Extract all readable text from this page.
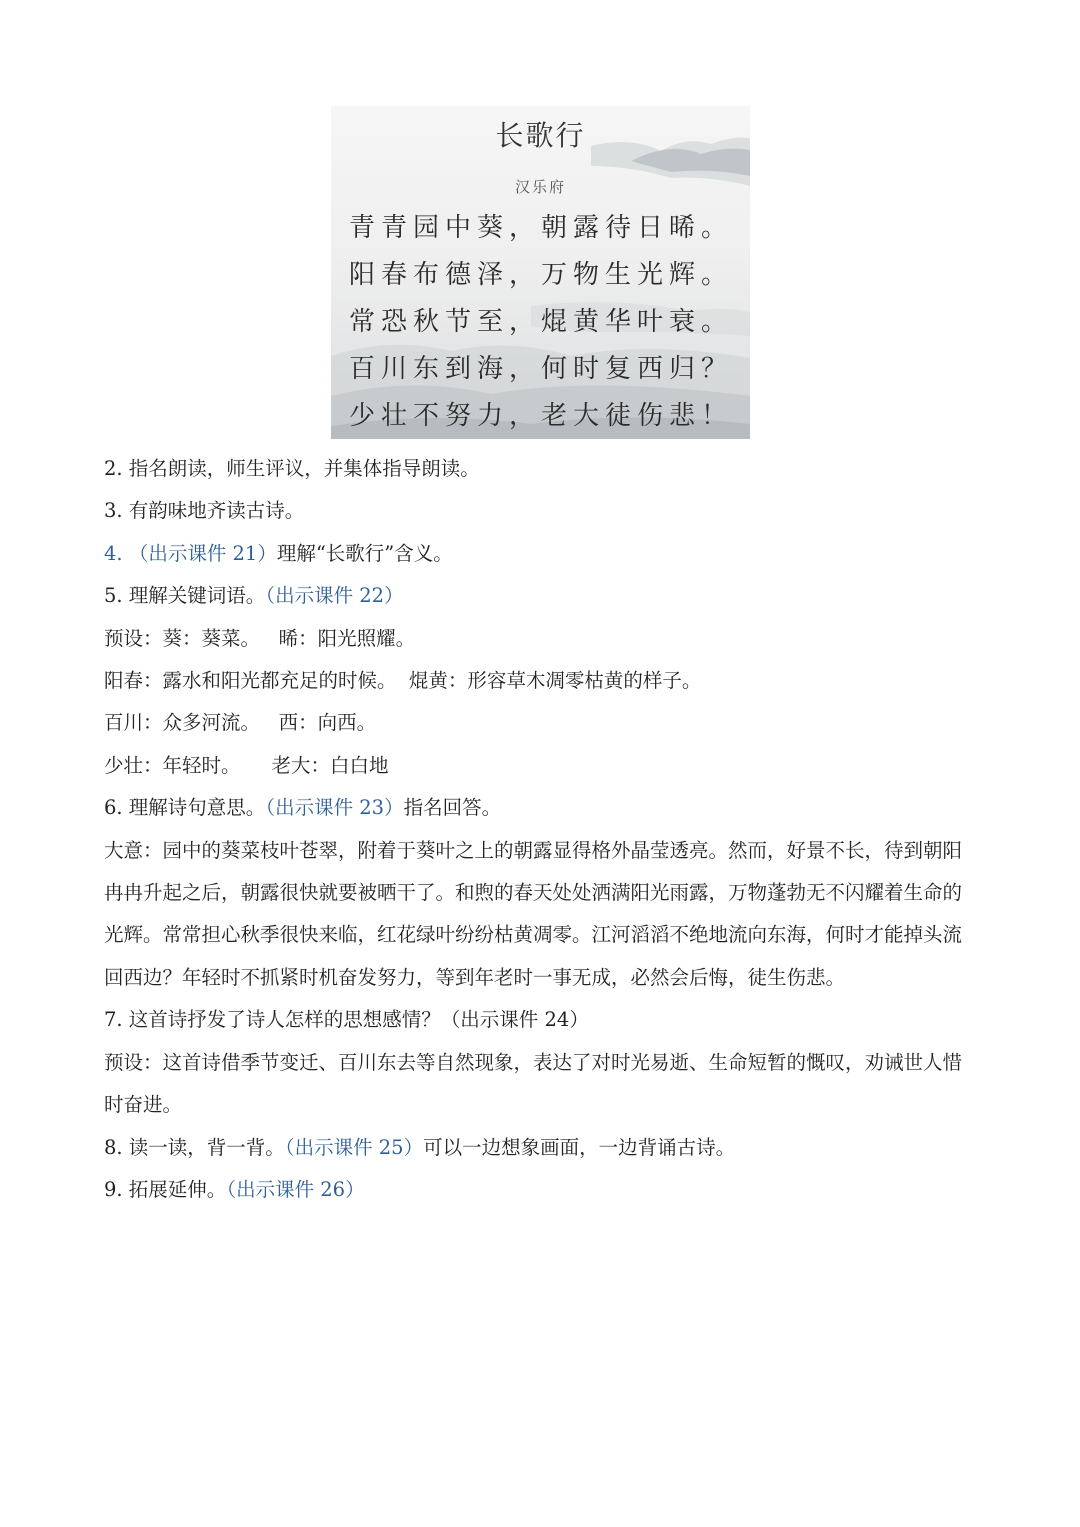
长歌行
汉乐府
青青园中葵，朝露待日晞。
阳春布德泽，万物生光辉。
常恐秋节至，焜黄华叶衰。
百川东到海，何时复西归？
少壮不努力，老大徒伤悲！

2. 指名朗读，师生评议，并集体指导朗读。

3. 有韵味地齐读古诗。

4. （出示课件 21）理解“长歌行”含义。

5. 理解关键词语。（出示课件 22）

预设：葵：葵菜。   晞：阳光照耀。

阳春：露水和阳光都充足的时候。  焜黄：形容草木凋零枯黄的样子。

百川：众多河流。   西：向西。

少壮：年轻时。     老大：白白地

6. 理解诗句意思。（出示课件 23）指名回答。

大意：园中的葵菜枝叶苍翠，附着于葵叶之上的朝露显得格外晶莹透亮。然而，好景不长，待到朝阳冉冉升起之后，朝露很快就要被晒干了。和煦的春天处处洒满阳光雨露，万物蓬勃无不闪耀着生命的光辉。常常担心秋季很快来临，红花绿叶纷纷枯黄凋零。江河滔滔不绝地流向东海，何时才能掉头流回西边？年轻时不抓紧时机奋发努力，等到年老时一事无成，必然会后悔，徒生伤悲。

7. 这首诗抒发了诗人怎样的思想感情？（出示课件 24）

预设：这首诗借季节变迁、百川东去等自然现象，表达了对时光易逝、生命短暂的慨叹，劝诫世人惜时奋进。

8. 读一读，背一背。（出示课件 25）可以一边想象画面，一边背诵古诗。

9. 拓展延伸。（出示课件 26）
